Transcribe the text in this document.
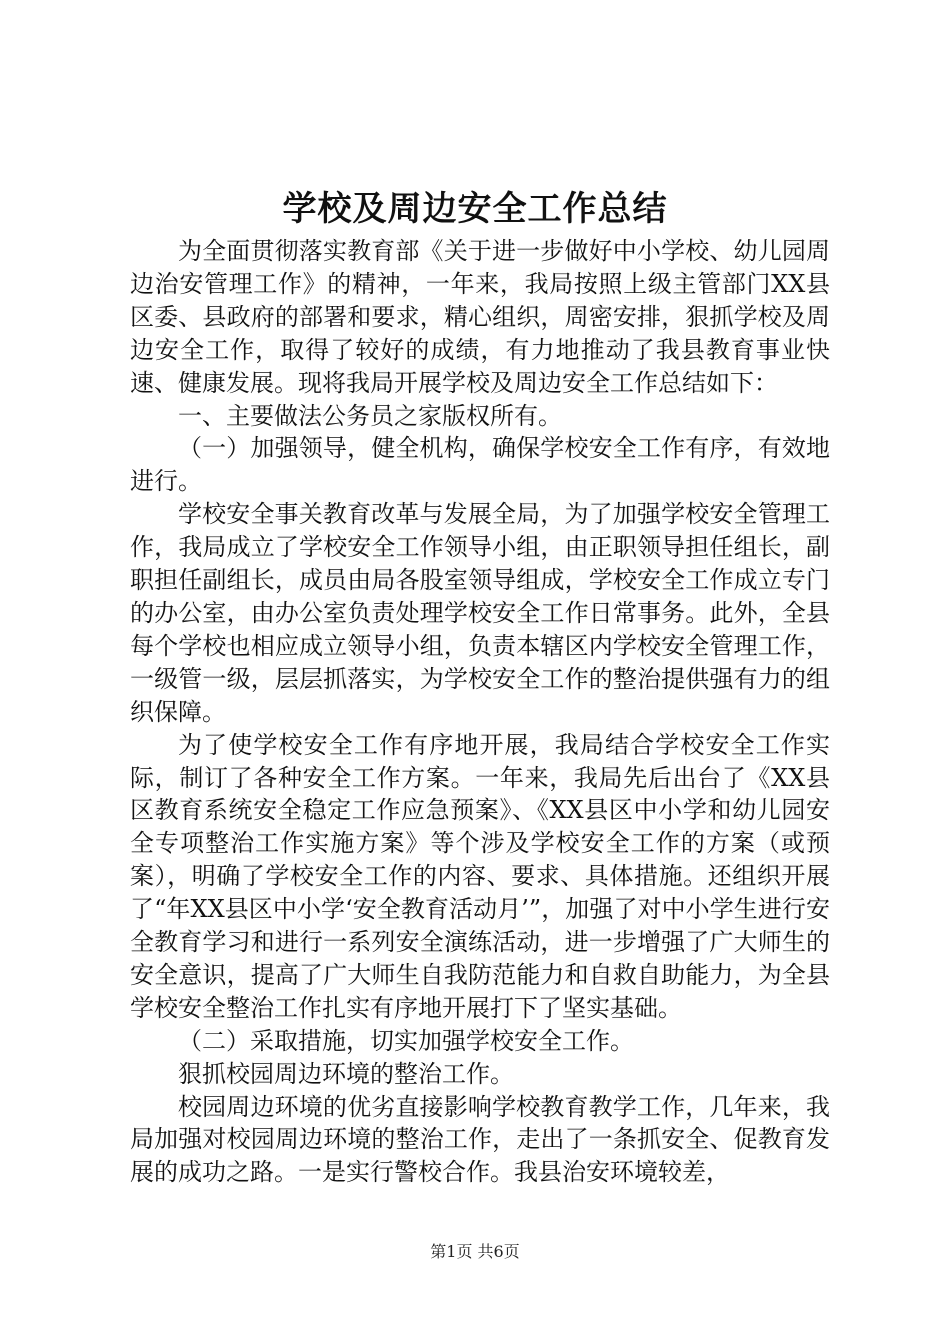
学校及周边安全工作总结

为全面贯彻落实教育部《关于进一步做好中小学校、幼儿园周边治安管理工作》的精神，一年来，我局按照上级主管部门XX县区委、县政府的部署和要求，精心组织，周密安排，狠抓学校及周边安全工作，取得了较好的成绩，有力地推动了我县教育事业快速、健康发展。现将我局开展学校及周边安全工作总结如下：

一、主要做法公务员之家版权所有。

（一）加强领导，健全机构，确保学校安全工作有序，有效地进行。

学校安全事关教育改革与发展全局，为了加强学校安全管理工作，我局成立了学校安全工作领导小组，由正职领导担任组长，副职担任副组长，成员由局各股室领导组成，学校安全工作成立专门的办公室，由办公室负责处理学校安全工作日常事务。此外，全县每个学校也相应成立领导小组，负责本辖区内学校安全管理工作，一级管一级，层层抓落实，为学校安全工作的整治提供强有力的组织保障。

为了使学校安全工作有序地开展，我局结合学校安全工作实际，制订了各种安全工作方案。一年来，我局先后出台了《XX县区教育系统安全稳定工作应急预案》、《XX县区中小学和幼儿园安全专项整治工作实施方案》等个涉及学校安全工作的方案（或预案），明确了学校安全工作的内容、要求、具体措施。还组织开展了“年XX县区中小学‘安全教育活动月’”，加强了对中小学生进行安全教育学习和进行一系列安全演练活动，进一步增强了广大师生的安全意识，提高了广大师生自我防范能力和自救自助能力，为全县学校安全整治工作扎实有序地开展打下了坚实基础。

（二）采取措施，切实加强学校安全工作。

狠抓校园周边环境的整治工作。

校园周边环境的优劣直接影响学校教育教学工作，几年来，我局加强对校园周边环境的整治工作，走出了一条抓安全、促教育发展的成功之路。一是实行警校合作。我县治安环境较差，

第1页 共6页
